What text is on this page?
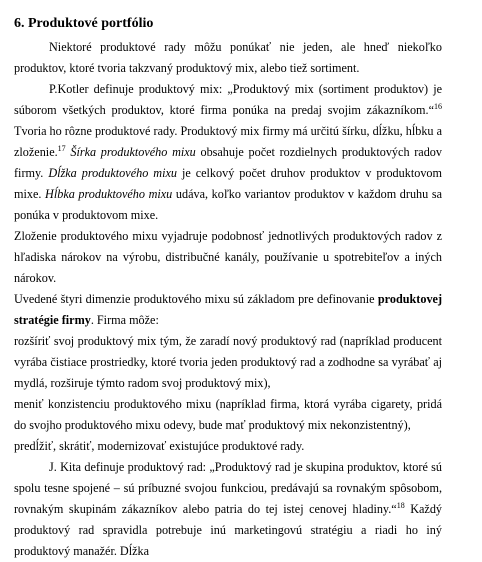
6. Produktové portfólio

Niektoré produktové rady môžu ponúkať nie jeden, ale hneď niekoľko produktov, ktoré tvoria takzvaný produktový mix, alebo tiež sortiment.

P.Kotler definuje produktový mix: „Produktový mix (sortiment produktov) je súborom všetkých produktov, ktoré firma ponúka na predaj svojim zákazníkom.“$^{16}$ Tvoria ho rôzne produktové rady. Produktový mix firmy má určitú šírku, dĺžku, hĺbku a zloženie.$^{17}$ Šírka produktového mixu obsahuje počet rozdielnych produktových radov firmy. Dĺžka produktového mixu je celkový počet druhov produktov v produktovom mixe. Hĺbka produktového mixu udáva, koľko variantov produktov v každom druhu sa ponúka v produktovom mixe.

Zloženie produktového mixu vyjadruje podobnosť jednotlivých produktových radov z hľadiska nárokov na výrobu, distribučné kanály, používanie u spotrebiteľov a iných nárokov.

Uvedené štyri dimenzie produktového mixu sú základom pre definovanie produktovej stratégie firmy. Firma môže:

rozšíriť svoj produktový mix tým, že zaradí nový produktový rad (napríklad producent vyrába čistiace prostriedky, ktoré tvoria jeden produktový rad a zodhodne sa vyrábať aj mydlá, rozširuje týmto radom svoj produktový mix),

meniť konzistenciu produktového mixu (napríklad firma, ktorá vyrába cigarety, pridá do svojho produktového mixu odevy, bude mať produktový mix nekonzistentný),

predĺžiť, skrátiť, modernizovať existujúce produktové rady.

J. Kita definuje produktový rad: „Produktový rad je skupina produktov, ktoré sú spolu tesne spojené – sú príbuzné svojou funkciou, predávajú sa rovnakým spôsobom, rovnakým skupinám zákazníkov alebo patria do tej istej cenovej hladiny.“$^{18}$ Každý produktový rad spravidla potrebuje inú marketingovú stratégiu a riadi ho iný produktový manažér. Dĺžka
